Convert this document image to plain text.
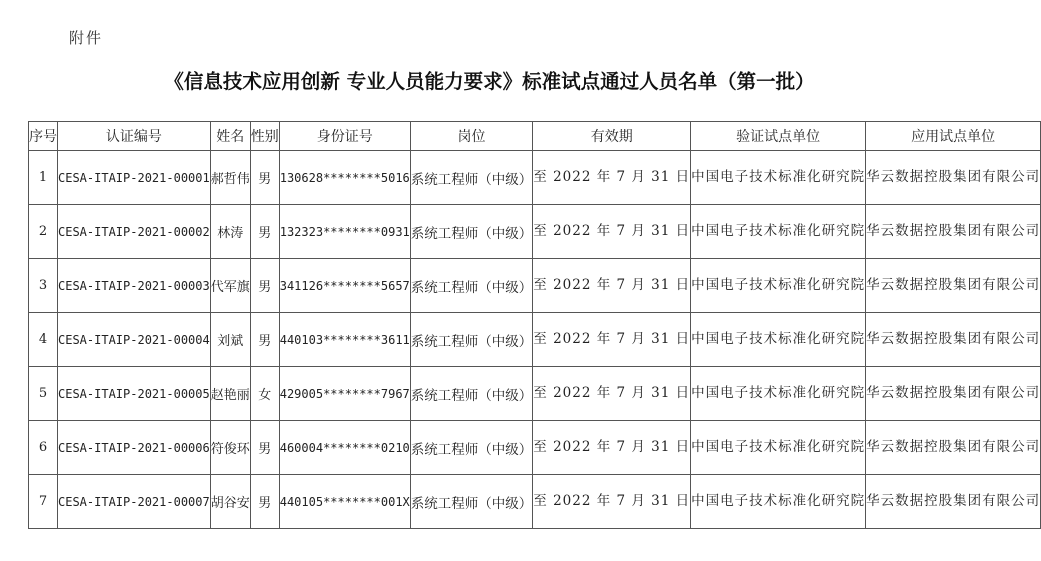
附件
《信息技术应用创新 专业人员能力要求》标准试点通过人员名单（第一批）
序号	认证编号	姓名	性别	身份证号	岗位	有效期	验证试点单位	应用试点单位
1	CESA-ITAIP-2021-00001	郝哲伟	男	130628********5016	系统工程师（中级）	至 2022 年 7 月 31 日	中国电子技术标准化研究院	华云数据控股集团有限公司
2	CESA-ITAIP-2021-00002	林涛	男	132323********0931	系统工程师（中级）	至 2022 年 7 月 31 日	中国电子技术标准化研究院	华云数据控股集团有限公司
3	CESA-ITAIP-2021-00003	代军旗	男	341126********5657	系统工程师（中级）	至 2022 年 7 月 31 日	中国电子技术标准化研究院	华云数据控股集团有限公司
4	CESA-ITAIP-2021-00004	刘斌	男	440103********3611	系统工程师（中级）	至 2022 年 7 月 31 日	中国电子技术标准化研究院	华云数据控股集团有限公司
5	CESA-ITAIP-2021-00005	赵艳丽	女	429005********7967	系统工程师（中级）	至 2022 年 7 月 31 日	中国电子技术标准化研究院	华云数据控股集团有限公司
6	CESA-ITAIP-2021-00006	符俊环	男	460004********0210	系统工程师（中级）	至 2022 年 7 月 31 日	中国电子技术标准化研究院	华云数据控股集团有限公司
7	CESA-ITAIP-2021-00007	胡谷安	男	440105********001X	系统工程师（中级）	至 2022 年 7 月 31 日	中国电子技术标准化研究院	华云数据控股集团有限公司
